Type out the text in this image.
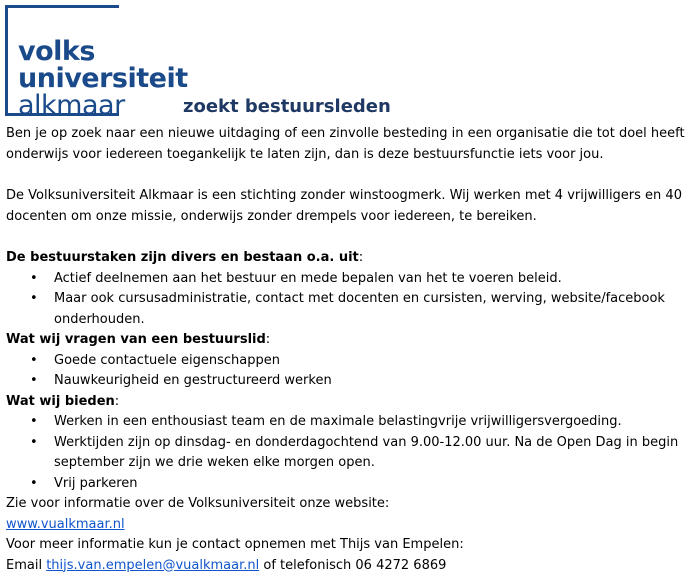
volks
universiteit
alkmaar	zoekt bestuursleden

Ben je op zoek naar een nieuwe uitdaging of een zinvolle besteding in een organisatie die tot doel heeft onderwijs voor iedereen toegankelijk te laten zijn, dan is deze bestuursfunctie iets voor jou.

De Volksuniversiteit Alkmaar is een stichting zonder winstoogmerk. Wij werken met 4 vrijwilligers en 40 docenten om onze missie, onderwijs zonder drempels voor iedereen, te bereiken.

De bestuurstaken zijn divers en bestaan o.a. uit:

• Actief deelnemen aan het bestuur en mede bepalen van het te voeren beleid.
• Maar ook cursusadministratie, contact met docenten en cursisten, werving, website/facebook onderhouden.

Wat wij vragen van een bestuurslid:

• Goede contactuele eigenschappen
• Nauwkeurigheid en gestructureerd werken

Wat wij bieden:

• Werken in een enthousiast team en de maximale belastingvrije vrijwilligersvergoeding.
• Werktijden zijn op dinsdag- en donderdagochtend van 9.00-12.00 uur. Na de Open Dag in begin september zijn we drie weken elke morgen open.
• Vrij parkeren

Zie voor informatie over de Volksuniversiteit onze website:

www.vualkmaar.nl

Voor meer informatie kun je contact opnemen met Thijs van Empelen:

Email thijs.van.empelen@vualkmaar.nl of telefonisch 06 4272 6869
